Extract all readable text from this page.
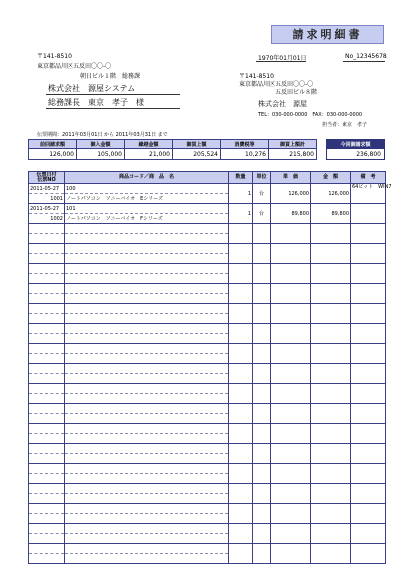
請求明細書
〒141-8510
東京都品川区五反田〇〇-〇
朝日ビル１階　総務課
株式会社　源屋システム
総務課長　東京　孝子　様
1970年01月01日	No_12345678
〒141-8510
東京都品川区五反田〇〇-〇
五反田ビル８階
株式会社　源屋
TEL：030-000-0000　FAX：030-000-0000
担当者：東京　孝子
伝票期間：2011年03月01日 から 2011年03月31日 まで
前回請求額	御入金額	繰越金額	御買上額	消費税等	御買上額計
126,000	105,000	21,000	205,524	10,276	215,800
今回御請求額
236,800
伝票日付
伝票NO	商品コード／商　品　名	数量	単位	単　価	金　額	備　考
2011-05-27	100	1	台	126,000	126,000	64ビット　WIN7
1001	ノートパソコン　ソニーバイオ　Eシリーズ					
2011-05-27	101	1	台	89,800	89,800	
1002	ノートパソコン　ソニーバイオ　Fシリーズ					
